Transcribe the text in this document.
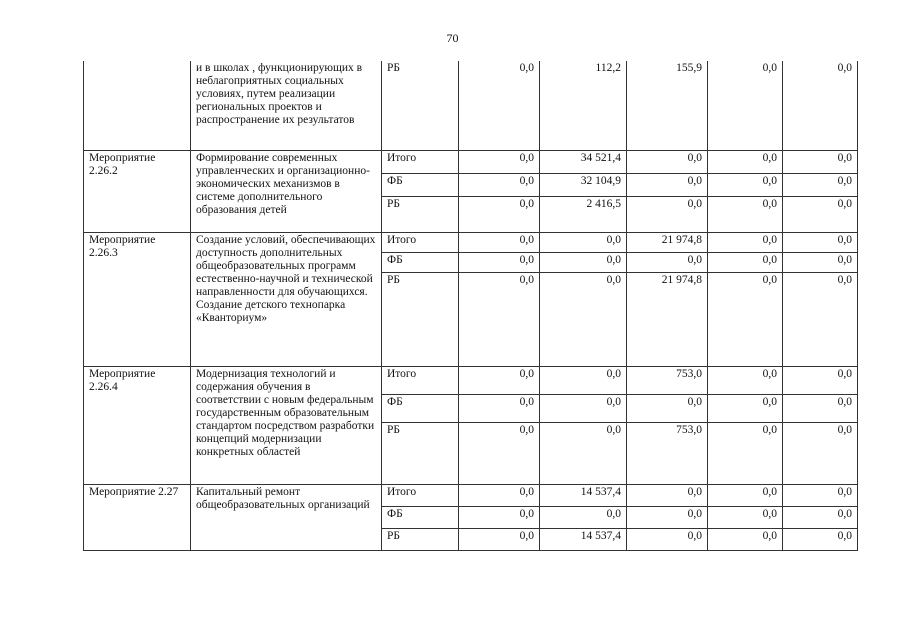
70
	и в школах , функционирующих в неблагоприятных социальных условиях, путем реализации региональных проектов и распространение их результатов	РБ	0,0	112,2	155,9	0,0	0,0
Мероприятие 2.26.2	Формирование современных управленческих и организационно-экономических механизмов в системе дополнительного образования детей	Итого	0,0	34 521,4	0,0	0,0	0,0
		ФБ	0,0	32 104,9	0,0	0,0	0,0
		РБ	0,0	2 416,5	0,0	0,0	0,0
Мероприятие 2.26.3	Создание условий, обеспечивающих доступность дополнительных общеобразовательных программ естественно-научной и технической направленности для обучающихся. Создание детского технопарка «Кванториум»	Итого	0,0	0,0	21 974,8	0,0	0,0
		ФБ	0,0	0,0	0,0	0,0	0,0
		РБ	0,0	0,0	21 974,8	0,0	0,0
Мероприятие 2.26.4	Модернизация технологий и содержания обучения в соответствии с новым федеральным государственным образовательным стандартом посредством разработки концепций модернизации конкретных областей	Итого	0,0	0,0	753,0	0,0	0,0
		ФБ	0,0	0,0	0,0	0,0	0,0
		РБ	0,0	0,0	753,0	0,0	0,0
Мероприятие 2.27	Капитальный ремонт общеобразовательных организаций	Итого	0,0	14 537,4	0,0	0,0	0,0
		ФБ	0,0	0,0	0,0	0,0	0,0
		РБ	0,0	14 537,4	0,0	0,0	0,0
